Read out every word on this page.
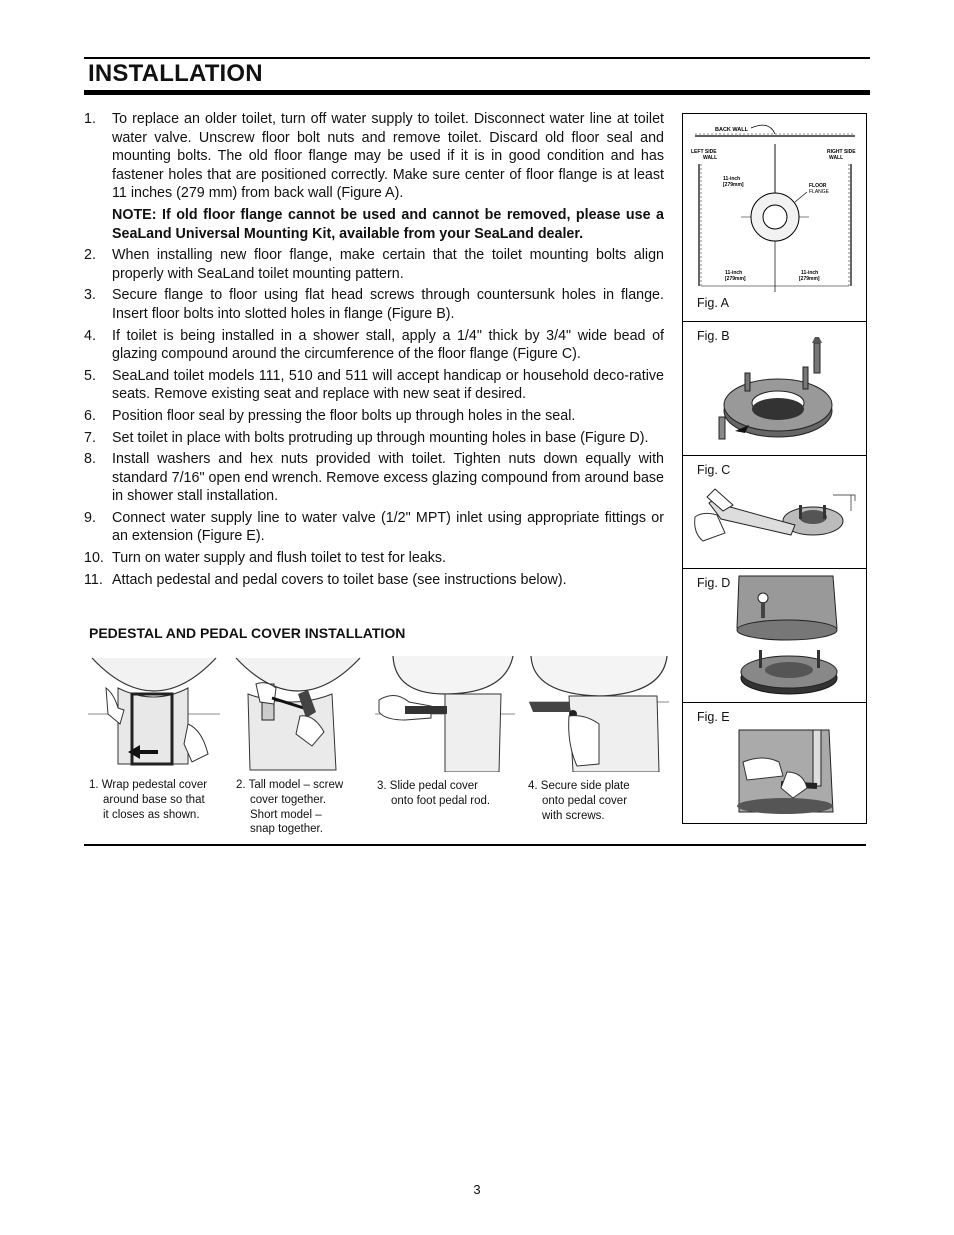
INSTALLATION
1.	To replace an older toilet, turn off water supply to toilet. Disconnect water line at toilet water valve. Unscrew floor bolt nuts and remove toilet. Discard old floor seal and mounting bolts. The old floor flange may be used if it is in good condition and has fastener holes that are positioned correctly. Make sure center of floor flange is at least 11 inches (279 mm) from back wall (Figure A).
NOTE: If old floor flange cannot be used and cannot be removed, please use a SeaLand Universal Mounting Kit, available from your SeaLand dealer.
2.	When installing new floor flange, make certain that the toilet mounting bolts align properly with SeaLand toilet mounting pattern.
3.	Secure flange to floor using flat head screws through countersunk holes in flange. Insert floor bolts into slotted holes in flange (Figure B).
4.	If toilet is being installed in a shower stall, apply a 1/4" thick by 3/4" wide bead of glazing compound around the circumference of the floor flange (Figure C).
5.	SeaLand toilet models 111, 510 and 511 will accept handicap or household deco-rative seats. Remove existing seat and replace with new seat if desired.
6.	Position floor seal by pressing the floor bolts up through holes in the seal.
7.	Set toilet in place with bolts protruding up through mounting holes in base (Figure D).
8.	Install washers and hex nuts provided with toilet. Tighten nuts down equally with standard 7/16" open end wrench. Remove excess glazing compound from around base in shower stall installation.
9.	Connect water supply line to water valve (1/2" MPT) inlet using appropriate fittings or an extension (Figure E).
10. Turn on water supply and flush toilet to test for leaks.
11. Attach pedestal and pedal covers to toilet base (see instructions below).
PEDESTAL AND PEDAL COVER INSTALLATION
1. Wrap pedestal cover
around base so that
it closes as shown.
2. Tall model – screw
cover together.
Short model –
snap together.
3. Slide pedal cover
onto foot pedal rod.
4. Secure side plate
onto pedal cover
with screws.
BACK WALL
LEFT SIDE
WALL
RIGHT SIDE
WALL
11-inch
[279mm]	FLOOR
FLANGE
11-inch
[279mm]
11-inch
[279mm]
Fig. A
Fig. B
Fig. C
Fig. D
Fig. E
3
